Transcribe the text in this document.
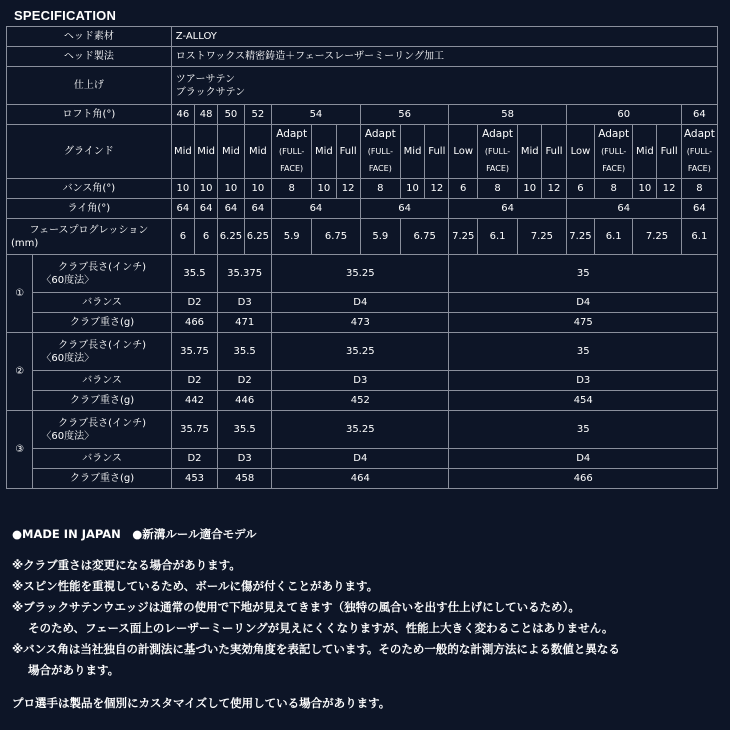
SPECIFICATION
ヘッド素材		Z-ALLOY																		
ヘッド製法		ロストワックス精密鋳造＋フェースレーザーミーリング加工																		
仕上げ		ツアーサテン
ブラックサテン																		

ロフト角(°)		46	48	50	52	54			56			58				60				64
グラインド		Mid	Mid	Mid	Mid	Adapt
(FULL-
FACE)	Mid	Full	Adapt
(FULL-
FACE)	Mid	Full	Low	Adapt
(FULL-
FACE)	Mid	Full	Low	Adapt
(FULL-
FACE)	Mid	Full	Adapt
(FULL-
FACE)

バンス角(°)		10	10	10	10	8	10	12	8	10	12	6	8	10	12	6	8	10	12	8
ライ角(°)		64	64	64	64	64			64			64				64				64

フェースプログレッション
(mm)		6	6	6.25	6.25	5.9	6.75		5.9	6.75		7.25	6.1	7.25		7.25	6.1	7.25		6.1
①	クラブ長さ(インチ)
〈60度法〉	35.5		35.375		35.25						35								
	バランス	D2		D3		D4						D4								
	クラブ重さ(g)	466		471		473						475								
②	クラブ長さ(インチ)
〈60度法〉	35.75		35.5		35.25						35								
	バランス	D2		D2		D3						D3								
	クラブ重さ(g)	442		446		452						454								
③	クラブ長さ(インチ)
〈60度法〉	35.75		35.5		35.25						35								
	バランス	D2		D3		D4						D4								
	クラブ重さ(g)	453		458		464						466								
●MADE IN JAPAN　●新溝ルール適合モデル
※クラブ重さは変更になる場合があります。
※スピン性能を重視しているため、ボールに傷が付くことがあります。
※ブラックサテンウエッジは通常の使用で下地が見えてきます（独特の風合いを出す仕上げにしているため）。
そのため、フェース面上のレーザーミーリングが見えにくくなりますが、性能上大きく変わることはありません。
※バンス角は当社独自の計測法に基づいた実効角度を表記しています。そのため一般的な計測方法による数値と異なる
場合があります。
プロ選手は製品を個別にカスタマイズして使用している場合があります。
